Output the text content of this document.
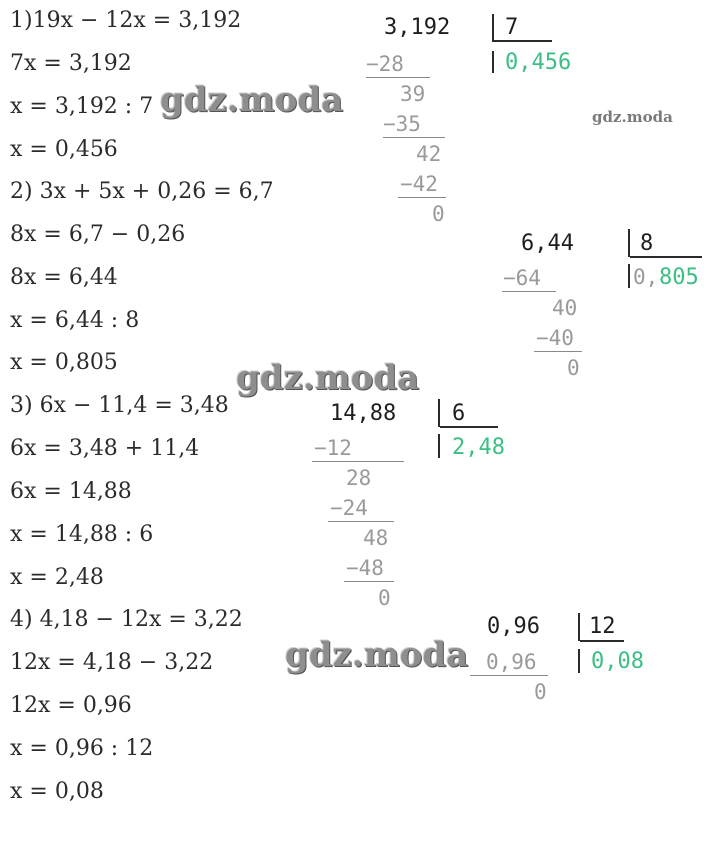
1)19x − 12x = 3,192
7x = 3,192
x = 3,192 : 7
x = 0,456
2) 3x + 5x + 0,26 = 6,7
8x = 6,7 − 0,26
8x = 6,44
x = 6,44 : 8
x = 0,805
3) 6x − 11,4 = 3,48
6x = 3,48 + 11,4
6x = 14,88
x = 14,88 : 6
x = 2,48
4) 4,18 − 12x = 3,22
12x = 4,18 − 3,22
12x = 0,96
x = 0,96 : 12
x = 0,08
3,192 7
0,456
−28
39
−35
42
−42
0
6,44	8
0, 805
−64
40
−40
0
14,88	6
2,48
−12
28
−24
48
−48
0
0,96 12
0,08
0,96
0
gdz.moda	gdz.moda
gdz.moda
gdz.moda
